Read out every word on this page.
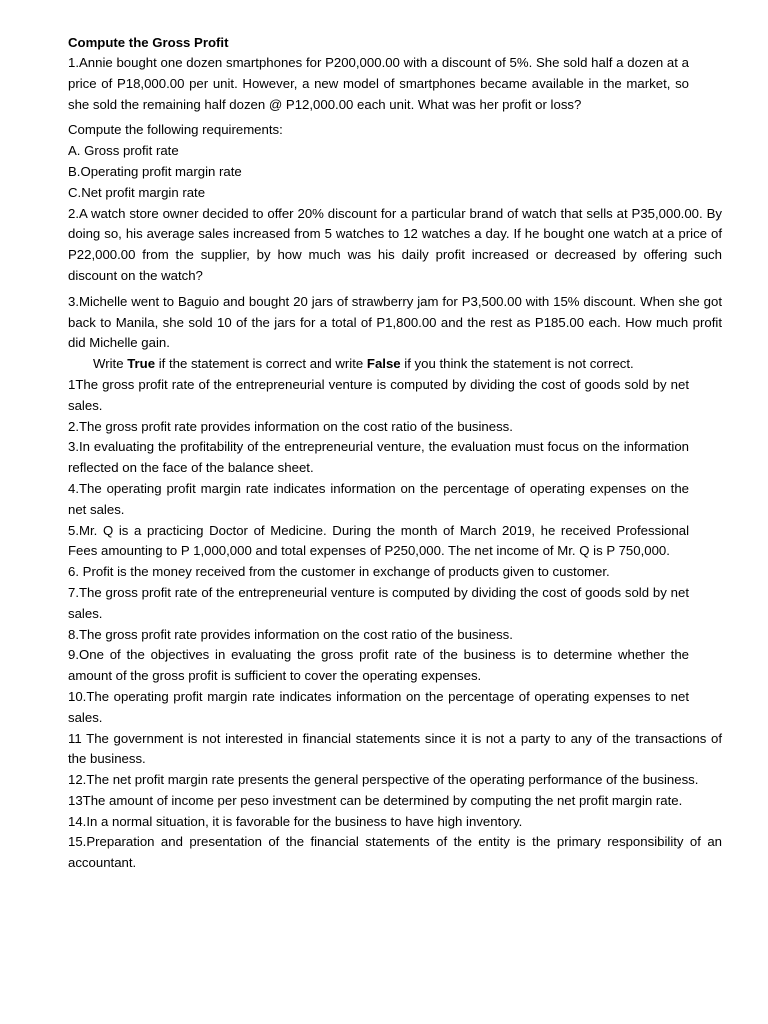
Compute the Gross Profit

1.Annie bought one dozen smartphones for P200,000.00 with a discount of 5%. She sold half a dozen at a price of P18,000.00 per unit. However, a new model of smartphones became available in the market, so she sold the remaining half dozen @ P12,000.00 each unit. What was her profit or loss?

Compute the following requirements:

A. Gross profit rate

B.Operating profit margin rate

C.Net profit margin rate

2.A watch store owner decided to offer 20% discount for a particular brand of watch that sells at P35,000.00. By doing so, his average sales increased from 5 watches to 12 watches a day. If he bought one watch at a price of P22,000.00 from the supplier, by how much was his daily profit increased or decreased by offering such discount on the watch?

3.Michelle went to Baguio and bought 20 jars of strawberry jam for P3,500.00 with 15% discount. When she got back to Manila, she sold 10 of the jars for a total of P1,800.00 and the rest as P185.00 each. How much profit did Michelle gain.

Write True if the statement is correct and write False if you think the statement is not correct.

1The gross profit rate of the entrepreneurial venture is computed by dividing the cost of goods sold by net sales.

2.The gross profit rate provides information on the cost ratio of the business.

3.In evaluating the profitability of the entrepreneurial venture, the evaluation must focus on the information reflected on the face of the balance sheet.

4.The operating profit margin rate indicates information on the percentage of operating expenses on the net sales.

5.Mr. Q is a practicing Doctor of Medicine. During the month of March 2019, he received Professional Fees amounting to P 1,000,000 and total expenses of P250,000. The net income of Mr. Q is P 750,000.

6. Profit is the money received from the customer in exchange of products given to customer.

7.The gross profit rate of the entrepreneurial venture is computed by dividing the cost of goods sold by net sales.

8.The gross profit rate provides information on the cost ratio of the business.

9.One of the objectives in evaluating the gross profit rate of the business is to determine whether the amount of the gross profit is sufficient to cover the operating expenses.

10.The operating profit margin rate indicates information on the percentage of operating expenses to net sales.

11 The government is not interested in financial statements since it is not a party to any of the transactions of the business.

12.The net profit margin rate presents the general perspective of the operating performance of the business.

13The amount of income per peso investment can be determined by computing the net profit margin rate.

14.In a normal situation, it is favorable for the business to have high inventory.

15.Preparation and presentation of the financial statements of the entity is the primary responsibility of an accountant.
